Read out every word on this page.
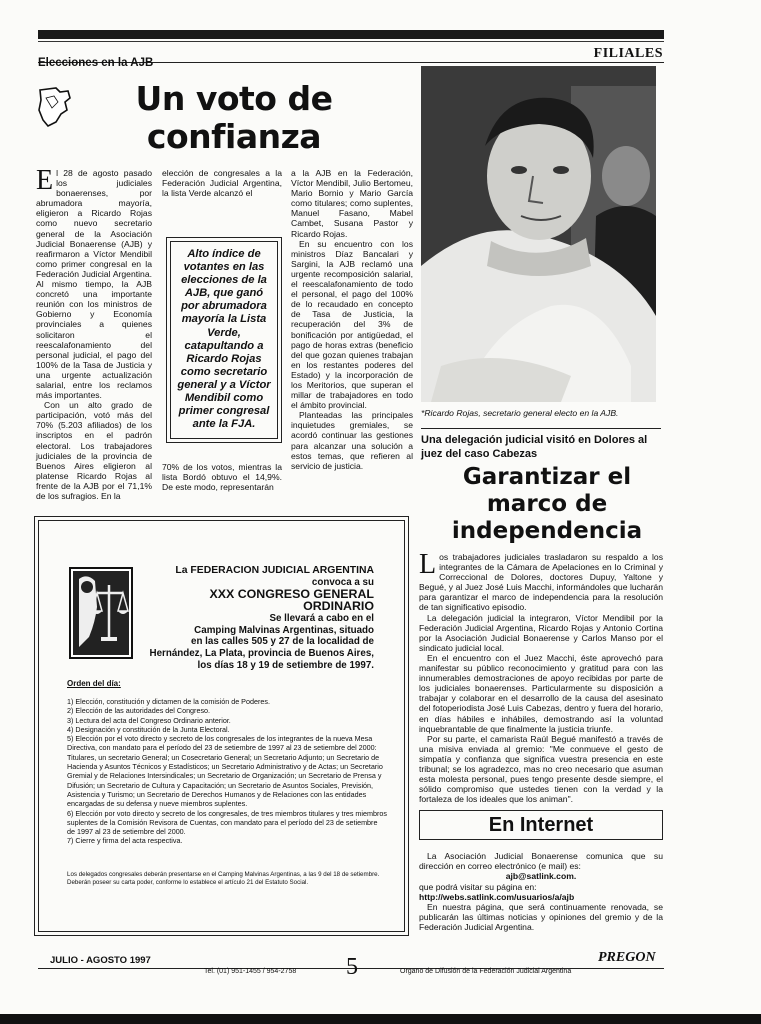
FILIALES
Elecciones en la AJB
Un voto de
confianza

El 28 de agosto pasado los judiciales bonaerenses, por abrumadora mayoría, eligieron a Ricardo Rojas como nuevo secretario general de la Asociación Judicial Bonaerense (AJB) y reafirmaron a Víctor Mendibil como primer congresal en la Federación Judicial Argentina. Al mismo tiempo, la AJB concretó una importante reunión con los ministros de Gobierno y Economía provinciales a quienes solicitaron el reescalafonamiento del personal judicial, el pago del 100% de la Tasa de Justicia y una urgente actualización salarial, entre los reclamos más importantes.

Con un alto grado de participación, votó más del 70% (5.203 afiliados) de los inscriptos en el padrón electoral. Los trabajadores judiciales de la provincia de Buenos Aires eligieron al platense Ricardo Rojas al frente de la AJB por el 71,1% de los sufragios. En la

elección de congresales a la Federación Judicial Argentina, la lista Verde alcanzó el

Alto índice de votantes en las elecciones de la AJB, que ganó por abrumadora mayoría la Lista Verde, catapultando a Ricardo Rojas como secretario general y a Víctor Mendibil como primer congresal ante la FJA.

70% de los votos, mientras la lista Bordó obtuvo el 14,9%. De este modo, representarán

a la AJB en la Federación, Víctor Mendibil, Julio Bertomeu, Mario Bornio y Mario García como titulares; como suplentes, Manuel Fasano, Mabel Cambet, Susana Pastor y Ricardo Rojas.

En su encuentro con los ministros Díaz Bancalari y Sargini, la AJB reclamó una urgente recomposición salarial, el reescalafonamiento de todo el personal, el pago del 100% de lo recaudado en concepto de Tasa de Justicia, la recuperación del 3% de bonificación por antigüedad, el pago de horas extras (beneficio del que gozan quienes trabajan en los restantes poderes del Estado) y la incorporación de los Meritorios, que superan el millar de trabajadores en todo el ámbito provincial.

Planteadas las principales inquietudes gremiales, se acordó continuar las gestiones para alcanzar una solución a estos temas, que refieren al servicio de justicia.

*Ricardo Rojas, secretario general electo en la AJB.
Una delegación judicial visitó en Dolores al juez del caso Cabezas
Garantizar el
marco de
independencia

Los trabajadores judiciales trasladaron su respaldo a los integrantes de la Cámara de Apelaciones en lo Criminal y Correccional de Dolores, doctores Dupuy, Yaltone y Begué, y al Juez José Luis Macchi, informándoles que lucharán para garantizar el marco de independencia para la resolución de tan significativo episodio.

La delegación judicial la integraron, Víctor Mendibil por la Federación Judicial Argentina, Ricardo Rojas y Antonio Cortina por la Asociación Judicial Bonaerense y Carlos Manso por el sindicato judicial local.

En el encuentro con el Juez Macchi, éste aprovechó para manifestar su público reconocimiento y gratitud para con las innumerables demostraciones de apoyo recibidas por parte de los judiciales bonaerenses. Particularmente su disposición a trabajar y colaborar en el desarrollo de la causa del asesinato del fotoperiodista José Luis Cabezas, dentro y fuera del horario, en días hábiles e inhábiles, demostrando así la voluntad inquebrantable de que finalmente la justicia triunfe.

Por su parte, el camarista Raúl Begué manifestó a través de una misiva enviada al gremio: "Me conmueve el gesto de simpatía y confianza que significa vuestra presencia en este tribunal; se los agradezco, mas no creo necesario que asuman esta molesta personal, pues tengo presente desde siempre, el sólido compromiso que ustedes tienen con la verdad y la fortaleza de los ideales que los animan".

En Internet

La Asociación Judicial Bonaerense comunica que su dirección en correo electrónico (e mail) es:

ajb@satlink.com.

que podrá visitar su página en:

http://webs.satlink.com/usuarios/a/ajb

En nuestra página, que será continuamente renovada, se publicarán las últimas noticias y opiniones del gremio y de la Federación Judicial Argentina.

La FEDERACION JUDICIAL ARGENTINA
convoca a su
XXX CONGRESO GENERAL ORDINARIO
Se llevará a cabo en el
Camping Malvinas Argentinas, situado
en las calles 505 y 27 de la localidad de
Hernández, La Plata, provincia de Buenos Aires,
los días 18 y 19 de setiembre de 1997.
Orden del día:
1) Elección, constitución y dictamen de la comisión de Poderes.
2) Elección de las autoridades del Congreso.
3) Lectura del acta del Congreso Ordinario anterior.
4) Designación y constitución de la Junta Electoral.
5) Elección por el voto directo y secreto de los congresales de los integrantes de la nueva Mesa Directiva, con mandato para el período del 23 de setiembre de 1997 al 23 de setiembre del 2000: Titulares, un secretario General; un Cosecretario General; un Secretario Adjunto; un Secretario de Hacienda y Asuntos Técnicos y Estadísticos; un Secretario Administrativo y de Actas; un Secretario Gremial y de Relaciones Intersindicales; un Secretario de Organización; un Secretario de Prensa y Difusión; un Secretario de Cultura y Capacitación; un Secretario de Asuntos Sociales, Previsión, Asistencia y Turismo; un Secretario de Derechos Humanos y de Relaciones con las entidades encargadas de su defensa y nueve miembros suplentes.
6) Elección por voto directo y secreto de los congresales, de tres miembros titulares y tres miembros suplentes de la Comisión Revisora de Cuentas, con mandato para el período del 23 de setiembre de 1997 al 23 de setiembre del 2000.
7) Cierre y firma del acta respectiva.
Los delegados congresales deberán presentarse en el Camping Malvinas Argentinas, a las 9 del 18 de setiembre. Deberán poseer su carta poder, conforme lo establece el artículo 21 del Estatuto Social.
JULIO - AGOSTO 1997
Tel. (01) 951-1455 / 954-2758 5	Organo de Difusión de la Federación Judicial Argentina
PREGON
